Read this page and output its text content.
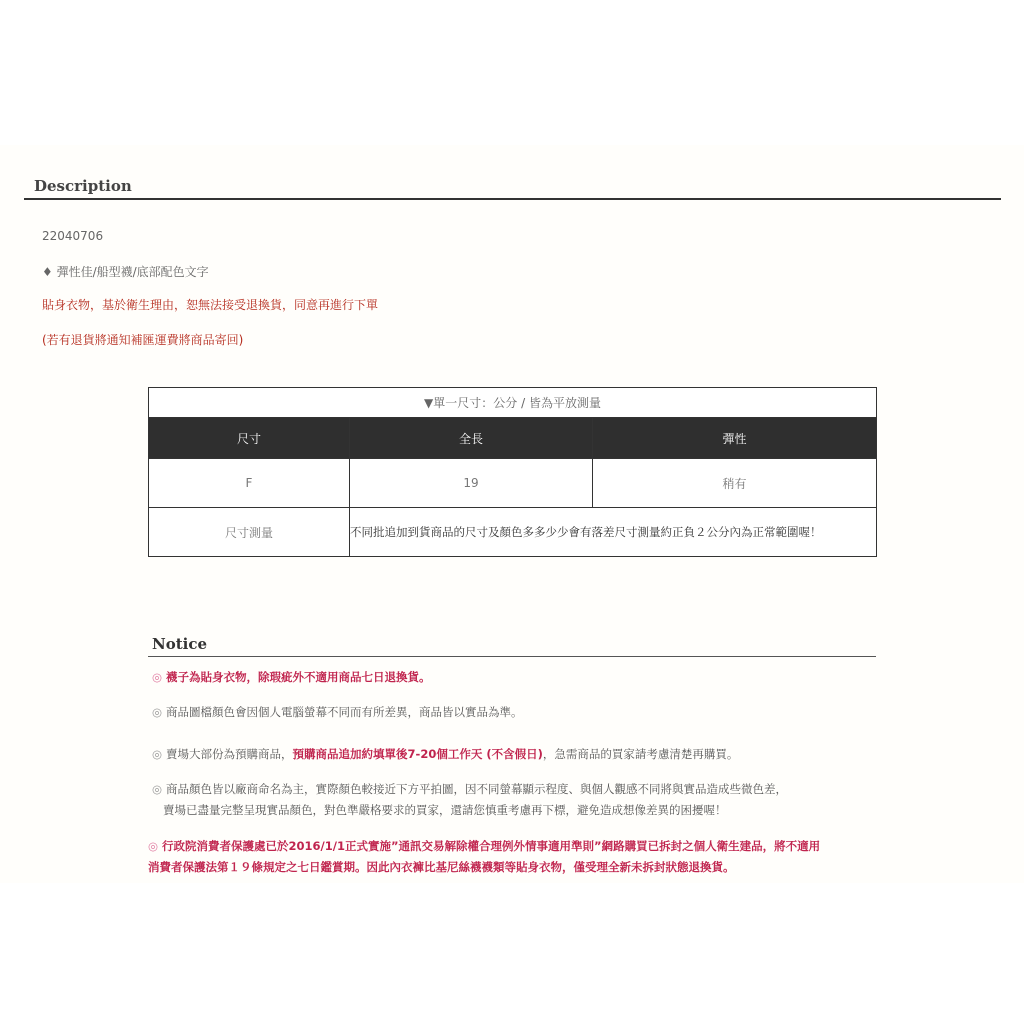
Description
22040706
♦ 彈性佳/船型襪/底部配色文字
貼身衣物，基於衛生理由，恕無法接受退換貨，同意再進行下單
(若有退貨將通知補匯運費將商品寄回)
▼單一尺寸：公分 / 皆為平放測量		
尺寸	全長	彈性
F	19	稍有
尺寸測量	不同批追加到貨商品的尺寸及顏色多多少少會有落差尺寸測量約正負２公分內為正常範圍喔！	
Notice
◎ 襪子為貼身衣物，除瑕疵外不適用商品七日退換貨。
◎ 商品圖檔顏色會因個人電腦螢幕不同而有所差異，商品皆以實品為準。
◎ 賣場大部份為預購商品，預購商品追加約填單後7-20個工作天 (不含假日)，急需商品的買家請考慮清楚再購買。
◎ 商品顏色皆以廠商命名為主，實際顏色較接近下方平拍圖，因不同螢幕顯示程度、與個人觀感不同將與實品造成些微色差，
賣場已盡量完整呈現實品顏色，對色準嚴格要求的買家，還請您慎重考慮再下標，避免造成想像差異的困擾喔！
◎ 行政院消費者保護處已於2016/1/1正式實施”通訊交易解除權合理例外情事適用準則”網路購買已拆封之個人衛生建品，將不適用
消費者保護法第１９條規定之七日鑑賞期。因此內衣褲比基尼絲襪襪類等貼身衣物，僅受理全新未拆封狀態退換貨。
